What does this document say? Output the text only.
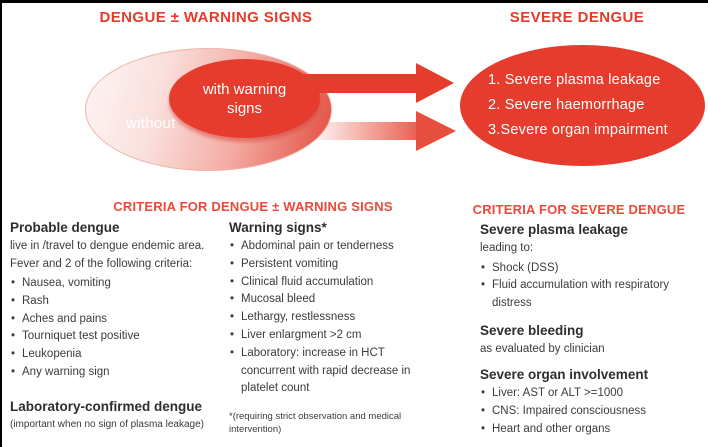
DENGUE ± WARNING SIGNS	SEVERE DENGUE
without
with warning signs
1. Severe plasma leakage
2. Severe haemorrhage
3.Severe organ impairment
CRITERIA FOR DENGUE ± WARNING SIGNS	CRITERIA FOR SEVERE DENGUE
Probable dengue
live in /travel to dengue endemic area.
Fever and 2 of the following criteria:
• Nausea, vomiting
• Rash
• Aches and pains
• Tourniquet test positive
• Leukopenia
• Any warning sign
Laboratory-confirmed dengue
(important when no sign of plasma leakage)
Warning signs*
• Abdominal pain or tenderness
• Persistent vomiting
• Clinical fluid accumulation
• Mucosal bleed
• Lethargy, restlessness
• Liver enlargment >2 cm
• Laboratory: increase in HCT concurrent with rapid decrease in platelet count
*(requiring strict observation and medical intervention)
Severe plasma leakage
leading to:
• Shock (DSS)
• Fluid accumulation with respiratory distress
Severe bleeding
as evaluated by clinician
Severe organ involvement
• Liver: AST or ALT >=1000
• CNS: Impaired consciousness
• Heart and other organs
